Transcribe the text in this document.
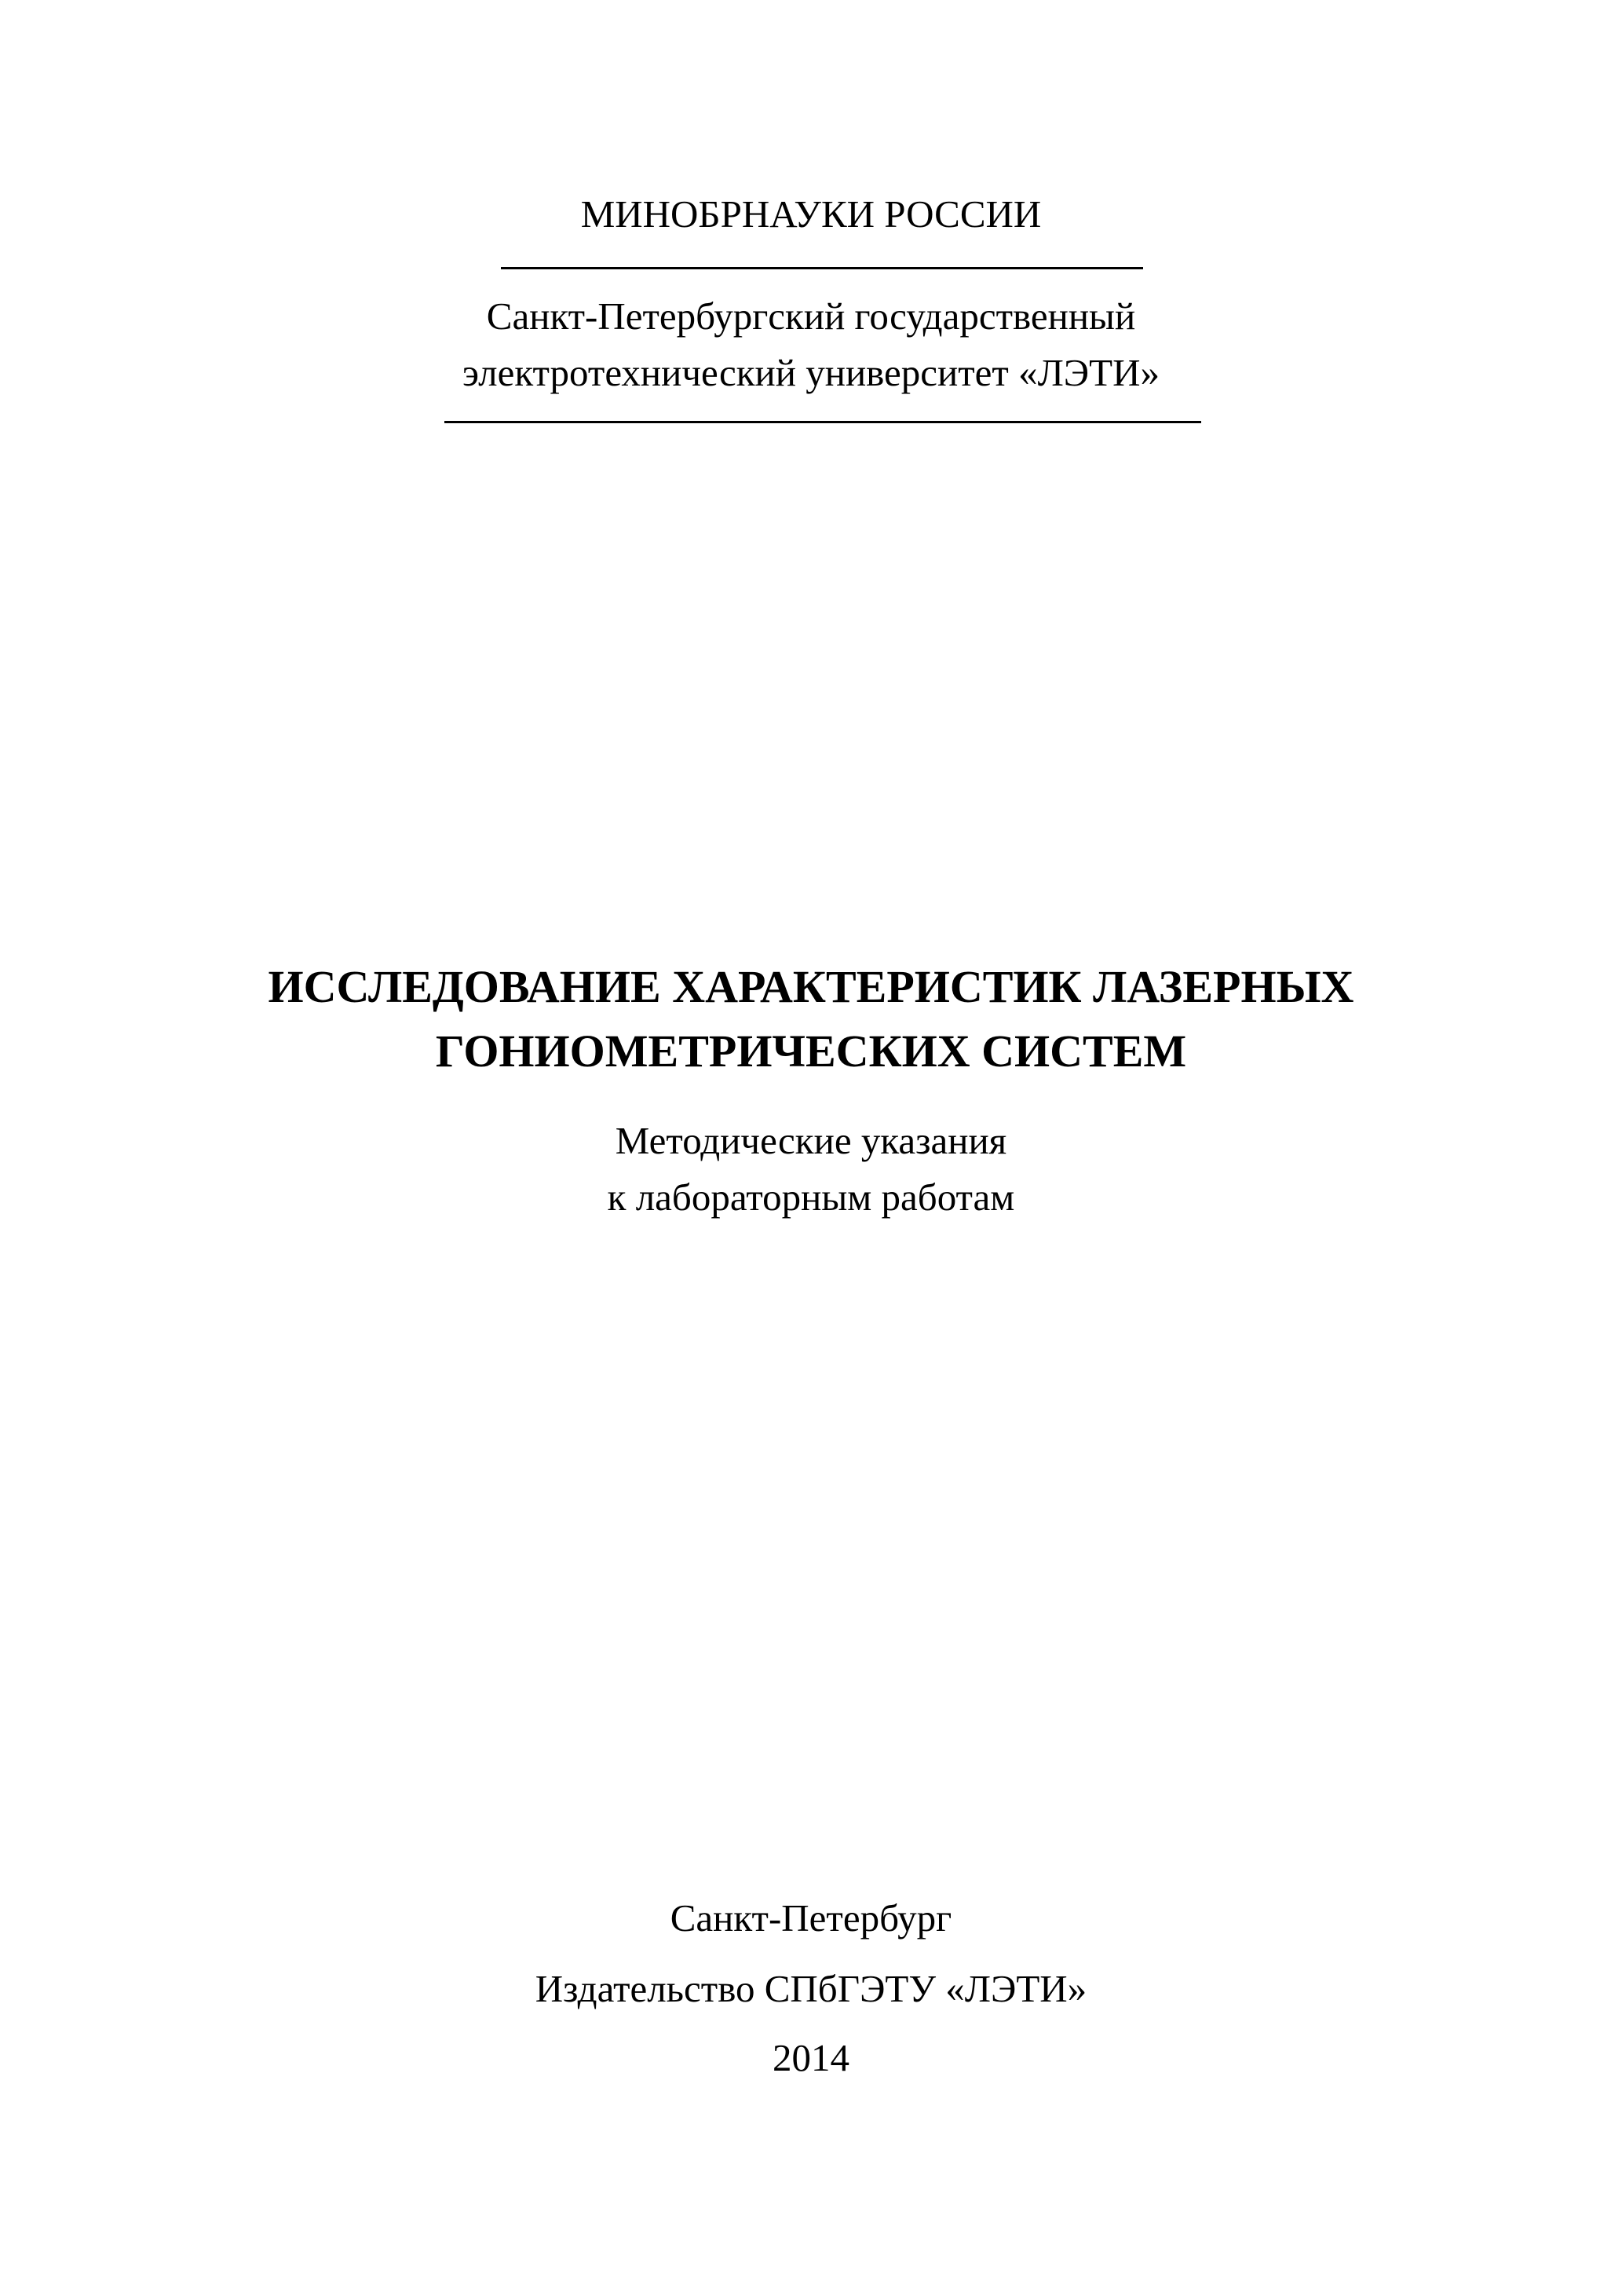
МИНОБРНАУКИ РОССИИ
Санкт-Петербургский государственный
электротехнический университет «ЛЭТИ»
ИССЛЕДОВАНИЕ ХАРАКТЕРИСТИК ЛАЗЕРНЫХ
ГОНИОМЕТРИЧЕСКИХ СИСТЕМ
Методические указания
к лабораторным работам
Санкт-Петербург
Издательство СПбГЭТУ «ЛЭТИ»
2014
